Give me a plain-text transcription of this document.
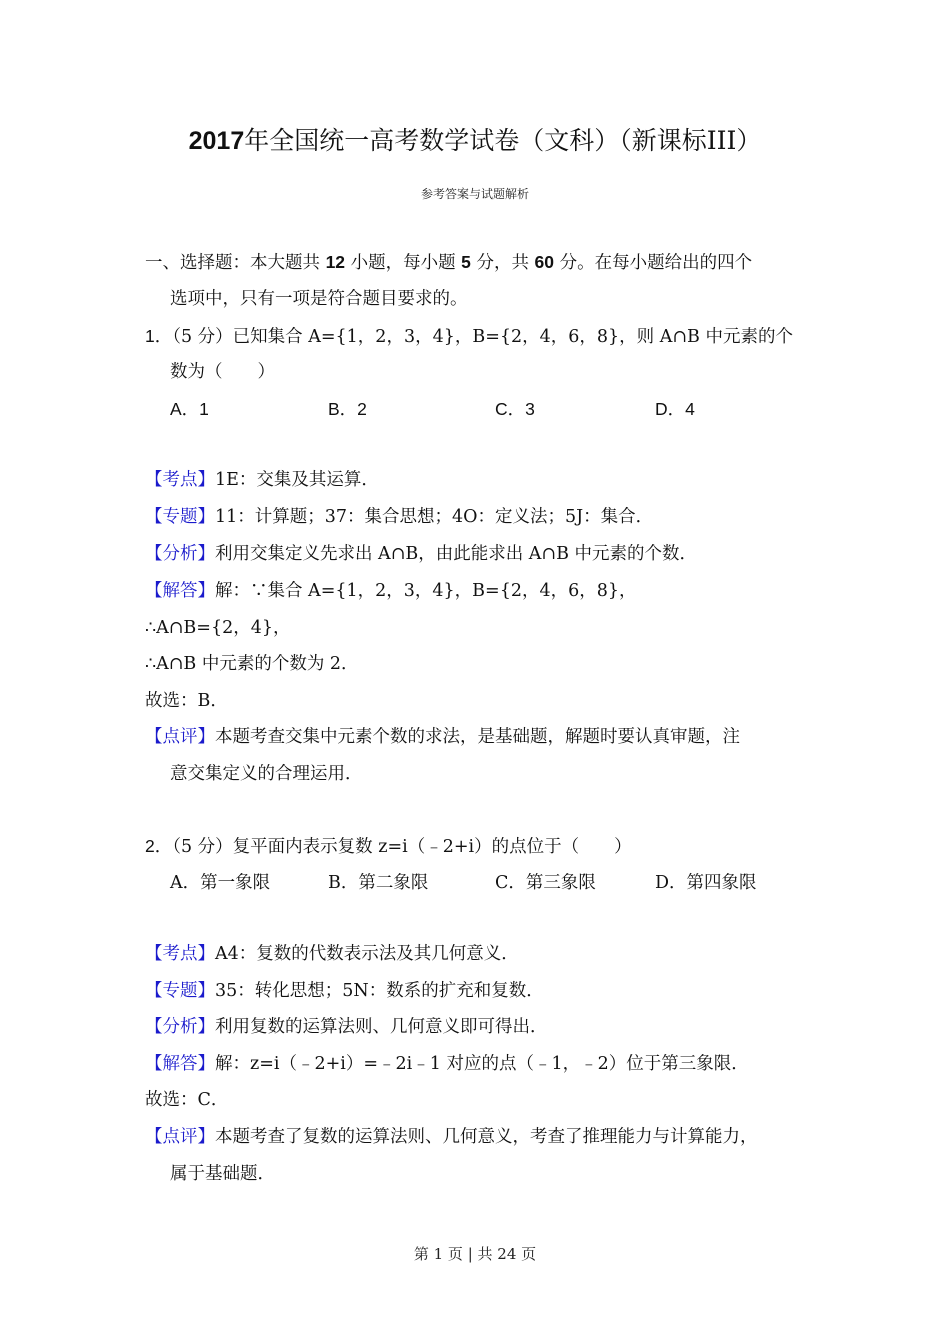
2017年全国统一高考数学试卷（文科）（新课标III）
参考答案与试题解析
一、选择题：本大题共 12 小题，每小题 5 分，共 60 分。在每小题给出的四个
选项中，只有一项是符合题目要求的。
1．（5 分）已知集合 A={1，2，3，4}，B={2，4，6，8}，则 A∩B 中元素的个
数为（　　）
A．1	B．2	C．3	D．4
【考点】1E：交集及其运算．
【专题】11：计算题；37：集合思想；4O：定义法；5J：集合．
【分析】利用交集定义先求出 A∩B，由此能求出 A∩B 中元素的个数．
【解答】解：∵集合 A={1，2，3，4}，B={2，4，6，8}，
∴A∩B={2，4}，
∴A∩B 中元素的个数为 2．
故选：B．
【点评】本题考查交集中元素个数的求法，是基础题，解题时要认真审题，注
意交集定义的合理运用．
2．（5 分）复平面内表示复数 z=i（﹣2+i）的点位于（　　）
A．第一象限	B．第二象限	C．第三象限	D．第四象限
【考点】A4：复数的代数表示法及其几何意义．
【专题】35：转化思想；5N：数系的扩充和复数．
【分析】利用复数的运算法则、几何意义即可得出．
【解答】解：z=i（﹣2+i）=﹣2i﹣1 对应的点（﹣1，﹣2）位于第三象限．
故选：C．
【点评】本题考查了复数的运算法则、几何意义，考查了推理能力与计算能力，
属于基础题．
第 1 页 | 共 24 页
